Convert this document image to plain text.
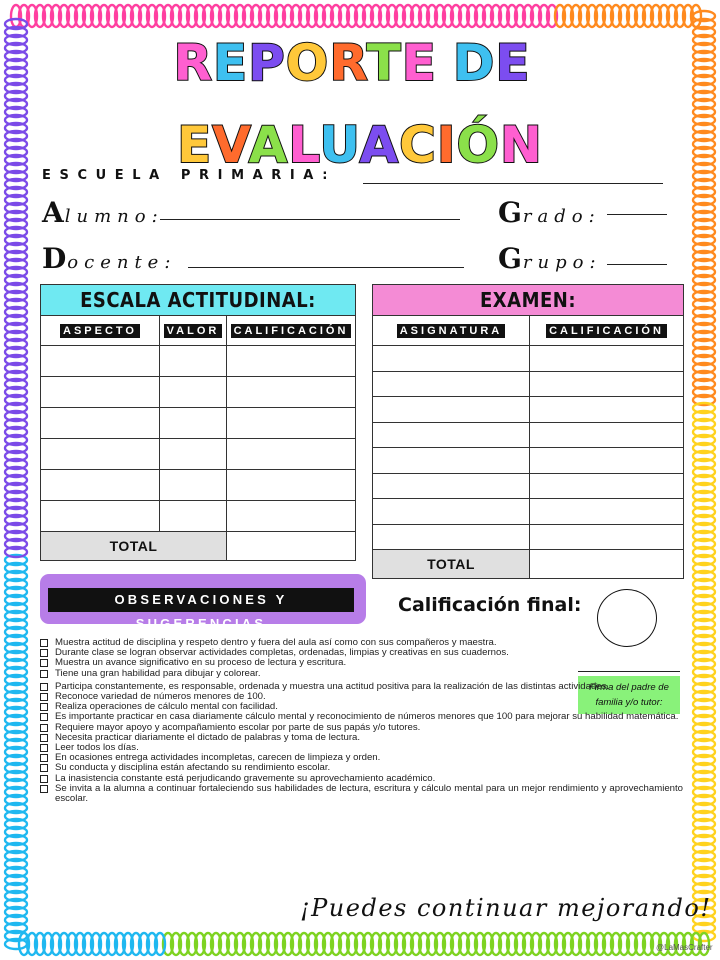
REPORTE DEEVALUACIÓN
ESCUELA PRIMARIA:
Alumno:	Grado:
Docente:	Grupo:
ESCALA ACTITUDINAL:		
ASPECTO	VALOR	CALIFICACIÓN

TOTAL		
EXAMEN:	
ASIGNATURA	CALIFICACIÓN

TOTAL	
OBSERVACIONES Y SUGERENCIAS
Calificación final:
Firma del padre de
familia y/o tutor:
Muestra actitud de disciplina y respeto dentro y fuera del aula así como con sus compañeros y maestra.
Durante clase se logran observar actividades completas, ordenadas, limpias y creativas en sus cuadernos.
Muestra un avance significativo en su proceso de lectura y escritura.
Tiene una gran habilidad para dibujar y colorear.
Participa constantemente, es responsable, ordenada y muestra una actitud positiva para la realización de las distintas actividades.
Reconoce variedad de números menores de 100.
Realiza operaciones de cálculo mental con facilidad.
Es importante practicar en casa diariamente cálculo mental y reconocimiento de números menores que 100 para mejorar su habilidad matemática.
Requiere mayor apoyo y acompañamiento escolar por parte de sus papás y/o tutores.
Necesita practicar diariamente el dictado de palabras y toma de lectura.
Leer todos los días.
En ocasiones entrega actividades incompletas, carecen de limpieza y orden.
Su conducta y disciplina están afectando su rendimiento escolar.
La inasistencia constante está perjudicando gravemente su aprovechamiento académico.
Se invita a la alumna a continuar fortaleciendo sus habilidades de lectura, escritura y cálculo mental para un mejor rendimiento y aprovechamiento escolar.
¡Puedes continuar mejorando!
@LaMasCrafter
